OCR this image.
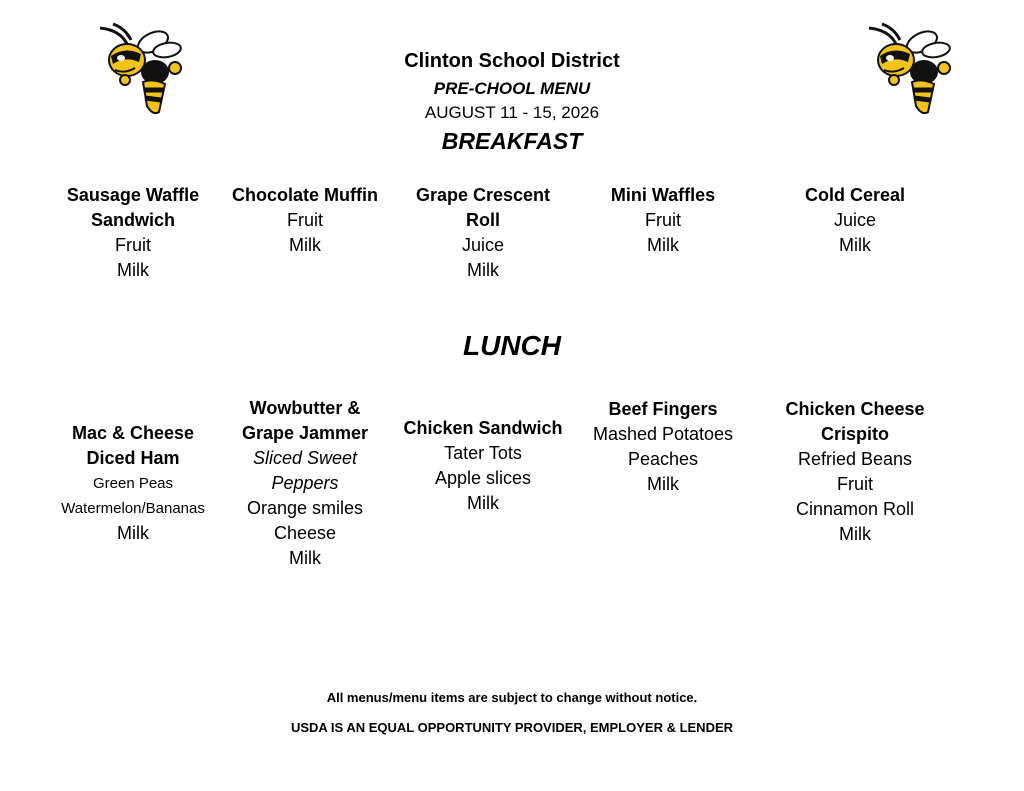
Clinton School District
PRE-CHOOL MENU
AUGUST 11 - 15, 2026
BREAKFAST
Sausage Waffle
Sandwich
Fruit
Milk
Chocolate Muffin
Fruit
Milk
Grape Crescent
Roll
Juice
Milk
Mini Waffles
Fruit
Milk
Cold Cereal
Juice
Milk
LUNCH
Mac & Cheese
Diced Ham
Green Peas
Watermelon/Bananas
Milk
Wowbutter &
Grape Jammer
Sliced Sweet
Peppers
Orange smiles
Cheese
Milk
Chicken Sandwich
Tater Tots
Apple slices
Milk
Beef Fingers
Mashed Potatoes
Peaches
Milk
Chicken Cheese
Crispito
Refried Beans
Fruit
Cinnamon Roll
Milk
All menus/menu items are subject to change without notice.
USDA IS AN EQUAL OPPORTUNITY PROVIDER, EMPLOYER & LENDER
